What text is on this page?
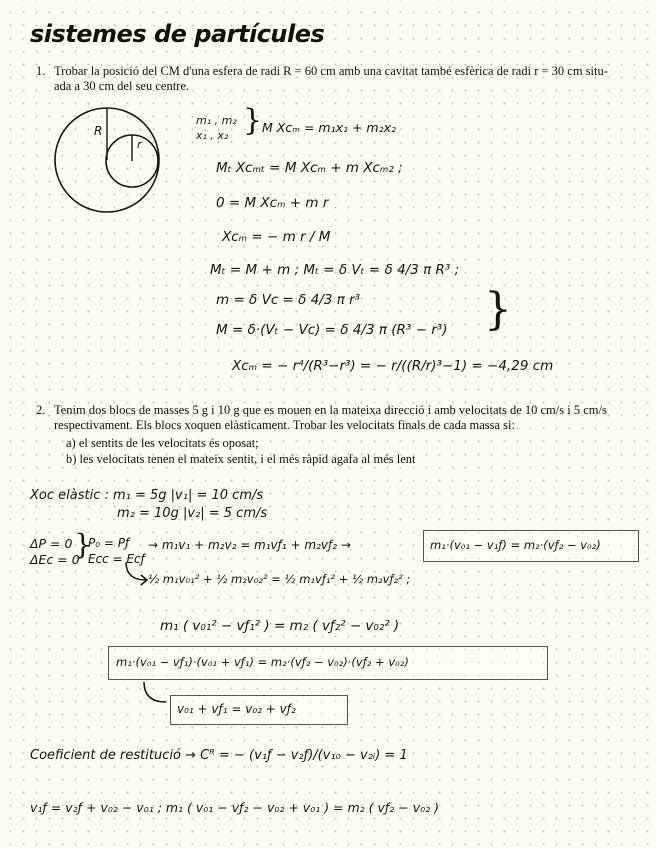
sistemes de partícules
1. Trobar la posició del CM d'una esfera de radi R = 60 cm amb una cavitat també esfèrica de radi r = 30 cm situ-
ada a 30 cm del seu centre.
R
r
m₁ , m₂
x₁ , x₂ } M Xᴄₘ = m₁x₁ + m₂x₂
Mₜ Xᴄₘₜ = M Xᴄₘ + m Xᴄₘ₂ ;
0 = M Xᴄₘ + m r
Xᴄₘ = − m r / M
Mₜ = M + m ; Mₜ = δ Vₜ = δ 4/3 π R³ ;
m = δ Vᴄ = δ 4/3 π r³
M = δ·(Vₜ − Vᴄ) = δ 4/3 π (R³ − r³) }
Xᴄₘ = − r⁴/(R³−r³) = − r/((R/r)³−1) = −4,29 cm
2. Tenim dos blocs de masses 5 g i 10 g que es mouen en la mateixa direcció i amb velocitats de 10 cm/s i 5 cm/s
respectivament. Els blocs xoquen elàsticament. Trobar les velocitats finals de cada massa si:
a) el sentits de les velocitats és oposat;
b) les velocitats tenen el mateix sentit, i el més ràpid agafa al més lent
Xoc elàstic : m₁ = 5g |v₁| = 10 cm/s
m₂ = 10g |v₂| = 5 cm/s
ΔP = 0
ΔEᴄ = 0
}
P₀ = Pƒ
Eᴄᴄ = Eᴄƒ
→ m₁v₁ + m₂v₂ = m₁vƒ₁ + m₂vƒ₂ →	m₁·(v₀₁ − v₁ƒ) = m₂·(vƒ₂ − v₀₂)
½ m₁v₀₁² + ½ m₂v₀₂² = ½ m₁vƒ₁² + ½ m₂vƒ₂² ;
m₁ ( v₀₁² − vƒ₁² ) = m₂ ( vƒ₂² − v₀₂² )
m₁·(v₀₁ − vƒ₁)·(v₀₁ + vƒ₁) = m₂·(vƒ₂ − v₀₂)·(vƒ₂ + v₀₂)
v₀₁ + vƒ₁ = v₀₂ + vƒ₂
Coeficient de restitució → Cᴿ = − (v₁ƒ − v₂ƒ)/(v₁₀ − v₂ᵢ) = 1
v₁ƒ = v₂ƒ + v₀₂ − v₀₁ ; m₁ ( v₀₁ − vƒ₂ − v₀₂ + v₀₁ ) = m₂ ( vƒ₂ − v₀₂ )
